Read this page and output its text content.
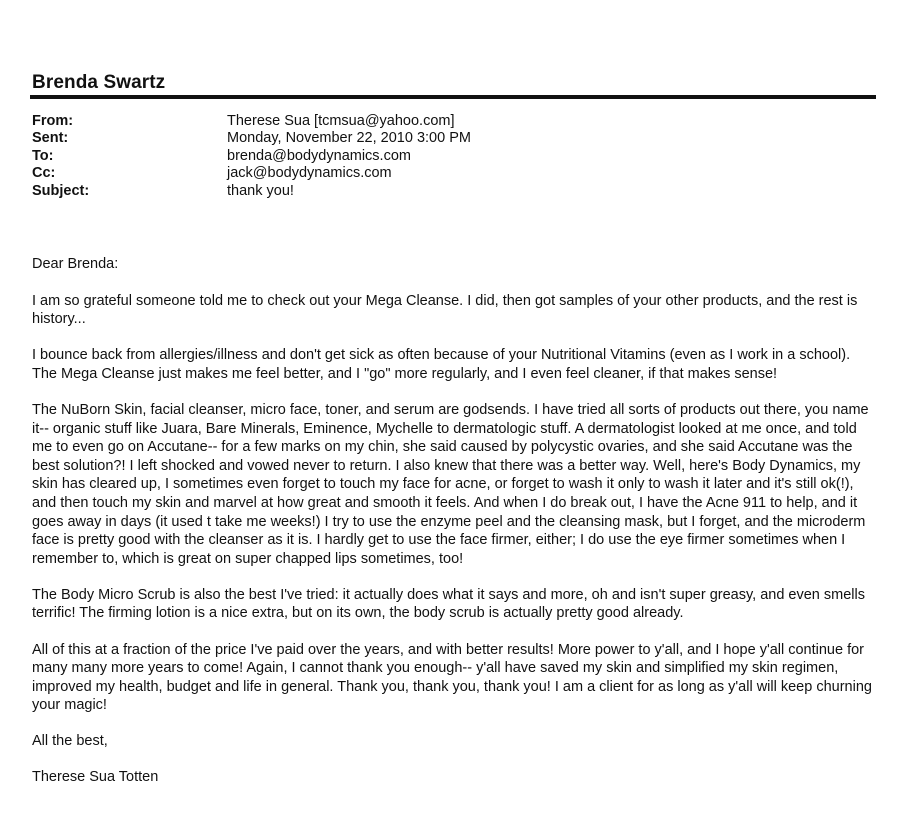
Brenda Swartz
From:	Therese Sua [tcmsua@yahoo.com]
Sent:	Monday, November 22, 2010 3:00 PM
To:	brenda@bodydynamics.com
Cc:	jack@bodydynamics.com
Subject:	thank you!

Dear Brenda:

I am so grateful someone told me to check out your Mega Cleanse. I did, then got samples of your other products, and the rest is history...

I bounce back from allergies/illness and don't get sick as often because of your Nutritional Vitamins (even as I work in a school). The Mega Cleanse just makes me feel better, and I "go" more regularly, and I even feel cleaner, if that makes sense!

The NuBorn Skin, facial cleanser, micro face, toner, and serum are godsends. I have tried all sorts of products out there, you name it-- organic stuff like Juara, Bare Minerals, Eminence, Mychelle to dermatologic stuff. A dermatologist looked at me once, and told me to even go on Accutane-- for a few marks on my chin, she said caused by polycystic ovaries, and she said Accutane was the best solution?! I left shocked and vowed never to return. I also knew that there was a better way. Well, here's Body Dynamics, my skin has cleared up, I sometimes even forget to touch my face for acne, or forget to wash it only to wash it later and it's still ok(!), and then touch my skin and marvel at how great and smooth it feels. And when I do break out, I have the Acne 911 to help, and it goes away in days (it used t take me weeks!) I try to use the enzyme peel and the cleansing mask, but I forget, and the microderm face is pretty good with the cleanser as it is. I hardly get to use the face firmer, either; I do use the eye firmer sometimes when I remember to, which is great on super chapped lips sometimes, too!

The Body Micro Scrub is also the best I've tried: it actually does what it says and more, oh and isn't super greasy, and even smells terrific! The firming lotion is a nice extra, but on its own, the body scrub is actually pretty good already.

All of this at a fraction of the price I've paid over the years, and with better results! More power to y'all, and I hope y'all continue for many many more years to come! Again, I cannot thank you enough-- y'all have saved my skin and simplified my skin regimen, improved my health, budget and life in general. Thank you, thank you, thank you! I am a client for as long as y'all will keep churning your magic!

All the best,

Therese Sua Totten
